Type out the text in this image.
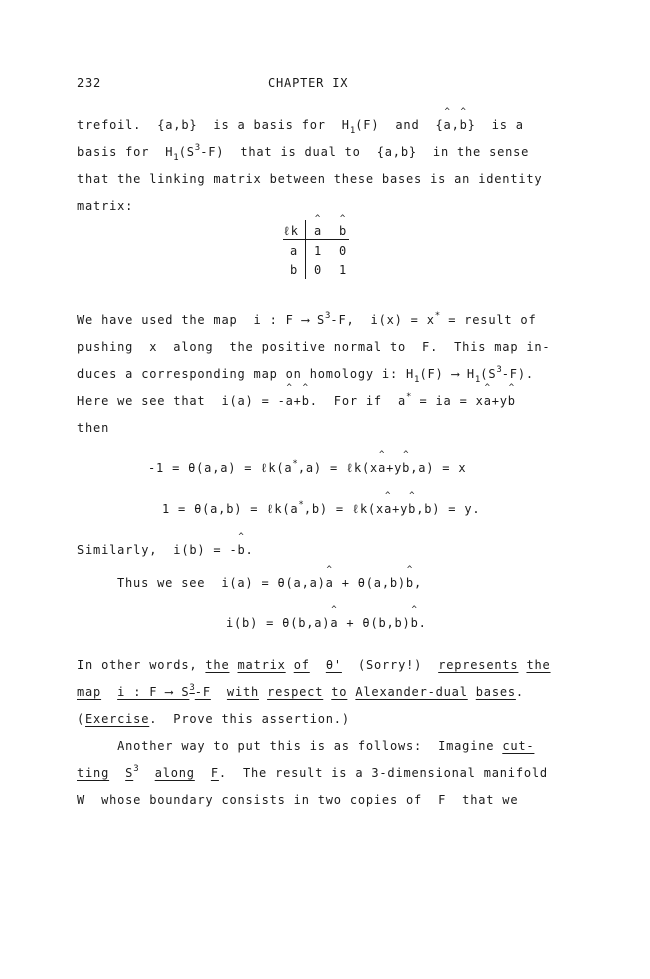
232	CHAPTER IX
trefoil.  {a,b}  is a basis for  $H_1(F)$  and  {^ a,^ b}  is a
basis for  $H_1(S^3-F)$  that is dual to  {a,b}  in the sense
that the linking matrix between these bases is an identity
matrix:
ℓk ^ a ^ b
a 1 0
b 0 1
We have used the map  i : F ⟶ $S^3-F$,  i(x) = x* = result of
pushing  x  along  the positive normal to  F.  This map in-
duces a corresponding map on homology i: $H_1(F)$ ⟶ $H_1(S^3-F)$.
Here we see that  i(a) = -^ a+^ b.  For if  a* = ia = x^ a+y^ b
then
-1 = θ(a,a) = ℓk(a*,a) = ℓk(x^ a+y^ b,a) = x
1 = θ(a,b) = ℓk(a*,b) = ℓk(x^ a+y^ b,b) = y.
Similarly,  i(b) = -^ b.
Thus we see  i(a) = θ(a,a)^ a + θ(a,b)^ b,
i(b) = θ(b,a)^ a + θ(b,b)^ b.
In other words, the matrix of θ'  (Sorry!)  represents the
map i : F ⟶ $S^3-F$ with respect to Alexander-dual bases.
(Exercise.  Prove this assertion.)
Another way to put this is as follows:  Imagine cut-
ting $S^3$ along F.  The result is a 3-dimensional manifold
W  whose boundary consists in two copies of  F  that we
